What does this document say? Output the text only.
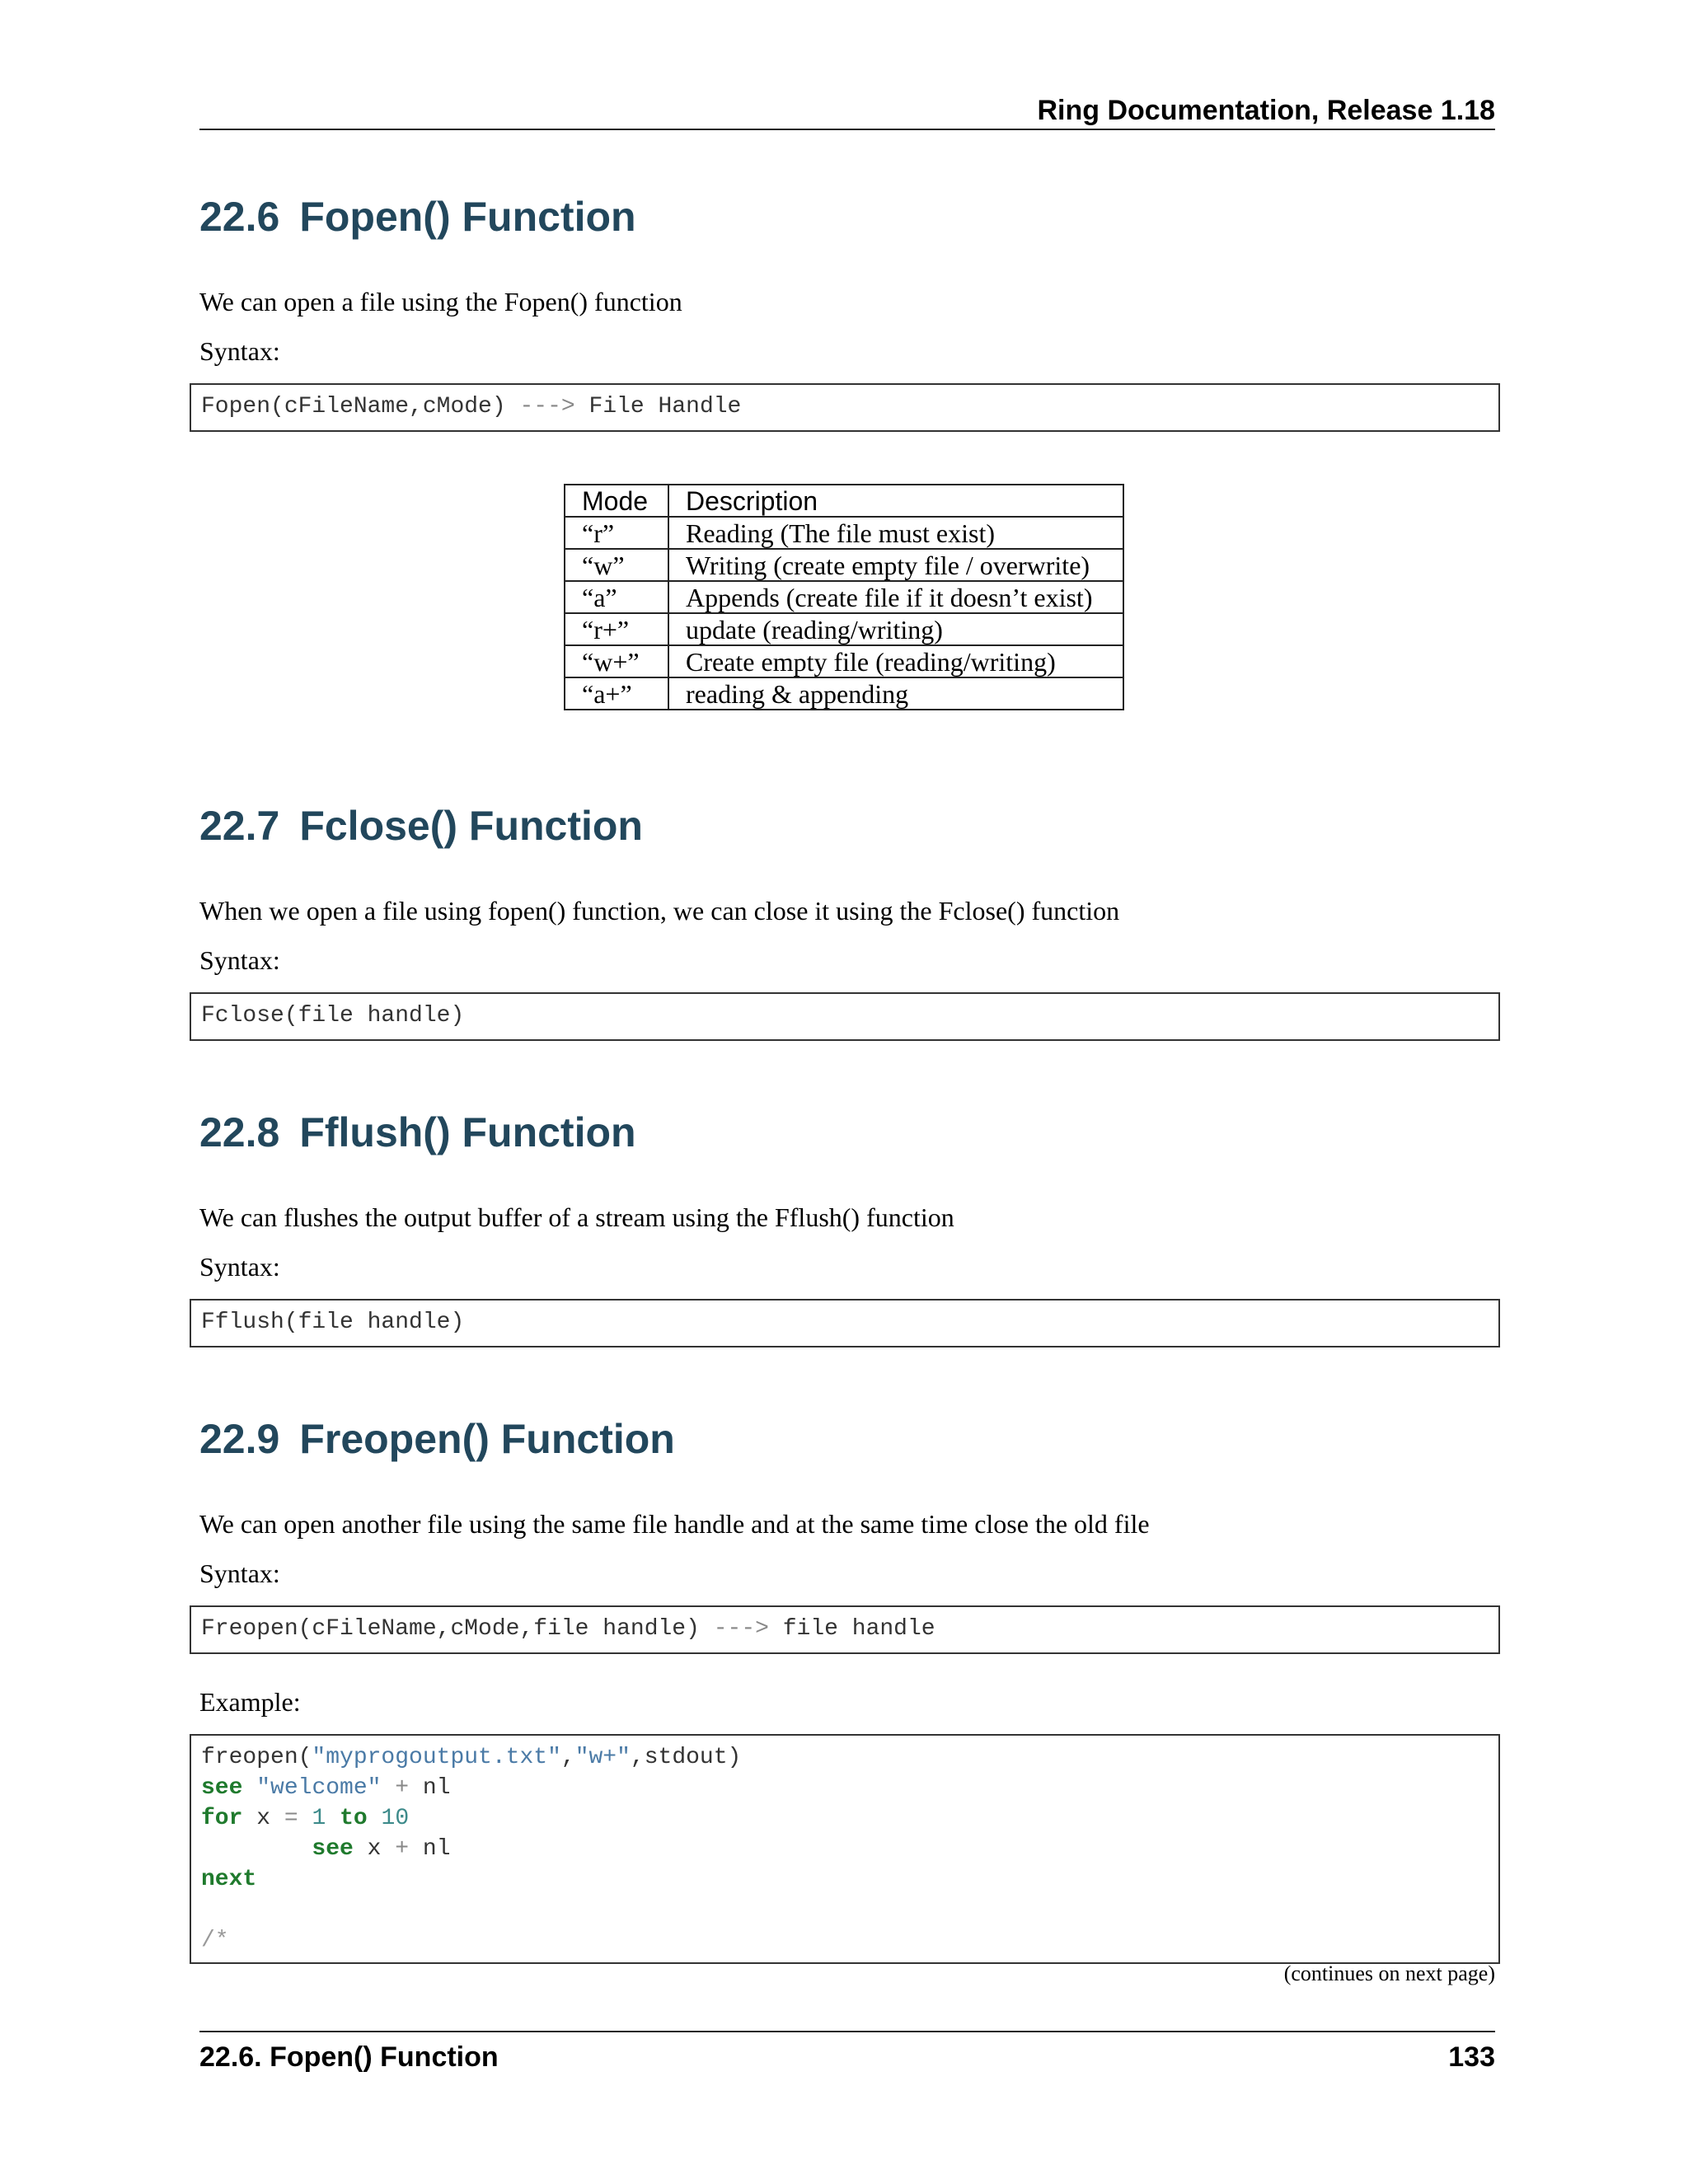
Ring Documentation, Release 1.18
22.6 Fopen() Function

We can open a file using the Fopen() function

Syntax:

Fopen(cFileName,cMode) ---> File Handle
Mode	Description
“r”	Reading (The file must exist)
“w”	Writing (create empty file / overwrite)
“a”	Appends (create file if it doesn’t exist)
“r+”	update (reading/writing)
“w+”	Create empty file (reading/writing)
“a+”	reading & appending
22.7 Fclose() Function

When we open a file using fopen() function, we can close it using the Fclose() function

Syntax:

Fclose(file handle)
22.8 Fflush() Function

We can flushes the output buffer of a stream using the Fflush() function

Syntax:

Fflush(file handle)
22.9 Freopen() Function

We can open another file using the same file handle and at the same time close the old file

Syntax:

Freopen(cFileName,cMode,file handle) ---> file handle

Example:

freopen("myprogoutput.txt","w+",stdout)
see "welcome" + nl
for x = 1 to 10
see x + nl
next

/*
(continues on next page)
22.6. Fopen() Function	133
